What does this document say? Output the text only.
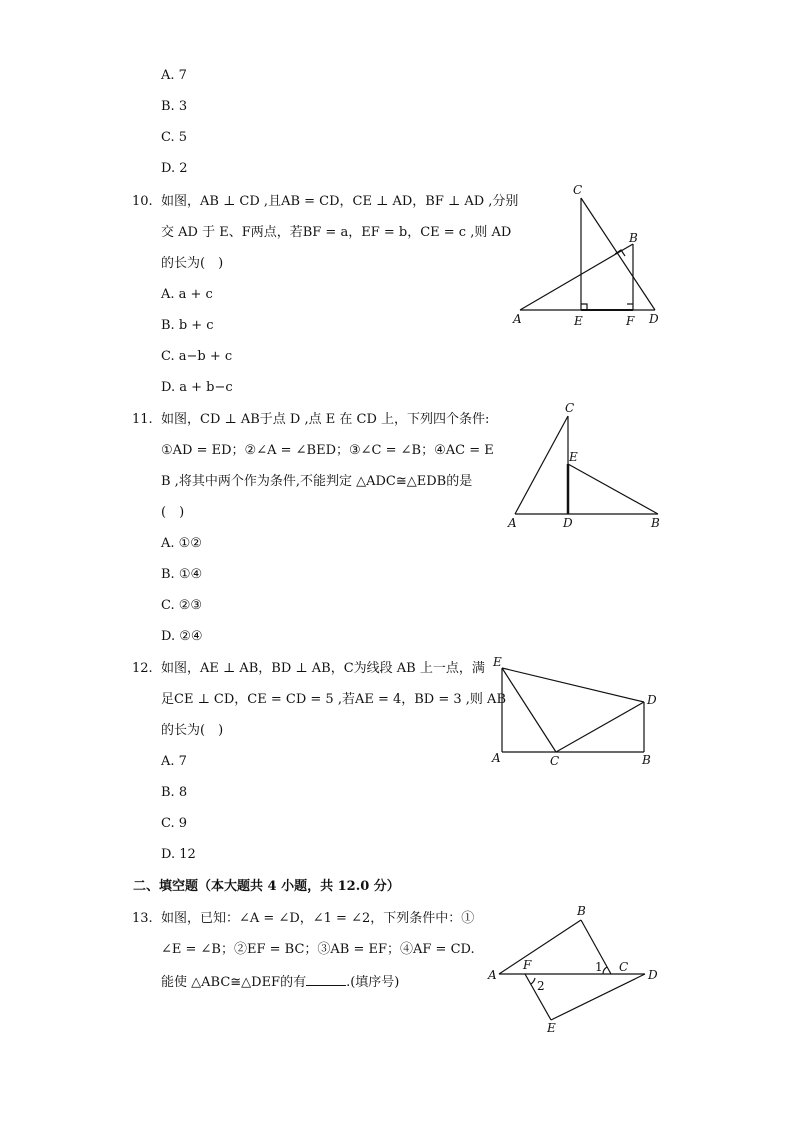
A. 7
B. 3
C. 5
D. 2
10. 如图，AB ⊥ CD ,且AB = CD，CE ⊥ AD，BF ⊥ AD ,分别
交 AD 于 E、F两点，若BF = a，EF = b，CE = c ,则 AD
的长为(　)
A. a + c
B. b + c
C. a−b + c
D. a + b−c
C
B
A	E	F D
11. 如图，CD ⊥ AB于点 D ,点 E 在 CD 上，下列四个条件:
①AD = ED；②∠A = ∠BED；③∠C = ∠B；④AC = E
B ,将其中两个作为条件,不能判定 △ADC≅△EDB的是
(　)
A. ①②
B. ①④
C. ②③
D. ②④
C
E
A	D	B
12. 如图，AE ⊥ AB，BD ⊥ AB，C为线段 AB 上一点，满
足CE ⊥ CD，CE = CD = 5 ,若AE = 4，BD = 3 ,则 AB
的长为(　)
A. 7
B. 8
C. 9
D. 12
E
D
A	C	B
二、填空题（本大题共 4 小题，共 12.0 分）
13. 如图，已知：∠A = ∠D，∠1 = ∠2，下列条件中：①
∠E = ∠B；②EF = BC；③AB = EF；④AF = CD.
能使 △ABC≅△DEF的有	.(填序号)
B
A
F	1 C
D
2
E
